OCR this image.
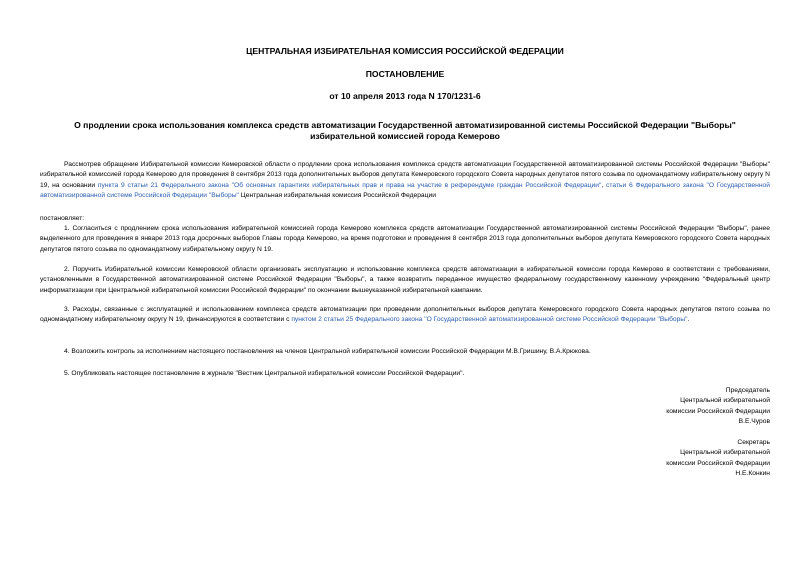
ЦЕНТРАЛЬНАЯ ИЗБИРАТЕЛЬНАЯ КОМИССИЯ РОССИЙСКОЙ ФЕДЕРАЦИИ
ПОСТАНОВЛЕНИЕ
от 10 апреля 2013 года N 170/1231-6
О продлении срока использования комплекса средств автоматизации Государственной автоматизированной системы Российской Федерации "Выборы"
избирательной комиссией города Кемерово
Рассмотрев обращение Избирательной комиссии Кемеровской области о продлении срока использования комплекса средств автоматизации Государственной автоматизированной системы Российской Федерации "Выборы" избирательной комиссией города Кемерово для проведения 8 сентября 2013 года дополнительных выборов депутата Кемеровского городского Совета народных депутатов пятого созыва по одномандатному избирательному округу N 19, на основании пункта 9 статьи 21 Федерального закона "Об основных гарантиях избирательных прав и права на участие в референдуме граждан Российской Федерации", статьи 6 Федерального закона "О Государственной автоматизированной системе Российской Федерации "Выборы" Центральная избирательная комиссия Российской Федерации
постановляет:
1. Согласиться с продлением срока использования избирательной комиссией города Кемерово комплекса средств автоматизации Государственной автоматизированной системы Российской Федерации "Выборы", ранее выделенного для проведения в январе 2013 года досрочных выборов Главы города Кемерово, на время подготовки и проведения 8 сентября 2013 года дополнительных выборов депутата Кемеровского городского Совета народных депутатов пятого созыва по одномандатному избирательному округу N 19.
2. Поручить Избирательной комиссии Кемеровской области организовать эксплуатацию и использование комплекса средств автоматизации в избирательной комиссии города Кемерово в соответствии с требованиями, установленными в Государственной автоматизированной системе Российской Федерации "Выборы", а также возвратить переданное имущество федеральному государственному казенному учреждению "Федеральный центр информатизации при Центральной избирательной комиссии Российской Федерации" по окончании вышеуказанной избирательной кампании.
3. Расходы, связанные с эксплуатацией и использованием комплекса средств автоматизации при проведении дополнительных выборов депутата Кемеровского городского Совета народных депутатов пятого созыва по одномандатному избирательному округу N 19, финансируются в соответствии с пунктом 2 статьи 25 Федерального закона "О Государственной автоматизированной системе Российской Федерации "Выборы".
4. Возложить контроль за исполнением настоящего постановления на членов Центральной избирательной комиссии Российской Федерации М.В.Гришину, В.А.Крюкова.
5. Опубликовать настоящее постановление в журнале "Вестник Центральной избирательной комиссии Российской Федерации".
Председатель
Центральной избирательной
комиссии Российской Федерации
В.Е.Чуров
Секретарь
Центральной избирательной
комиссии Российской Федерации
Н.Е.Конкин
